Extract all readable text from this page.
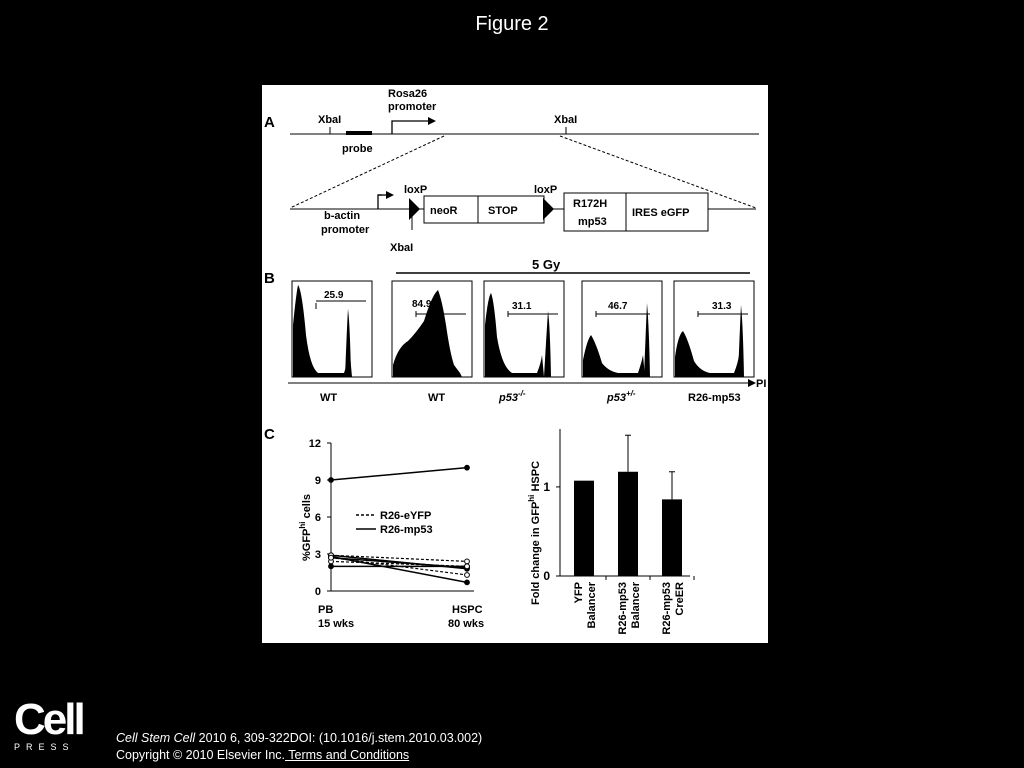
Figure 2
A	XbaI
probe
Rosa26
promoter
XbaI
b-actin
promoter
loxP
XbaI
neoR	STOP
loxP
R172H
mp53
IRES eGFP
B
5 Gy
25.9
WT
84.9
WT
31.1
p53-/-
46.7
p53+/-
31.3
R26-mp53
PI
C
0
3
6
9
12
$\%GFP^{hi}$ cells	R26-eYFP
R26-mp53
PB
15 wks
HSPC
80 wks
0
1
Fold change in $GFP^{hi}$ HSPC
YFPBalancer R26-mp53Balancer R26-mp53CreER
Cell
PRESS
Cell Stem Cell 2010 6, 309-322DOI: (10.1016/j.stem.2010.03.002)
Copyright © 2010 Elsevier Inc. Terms and Conditions
